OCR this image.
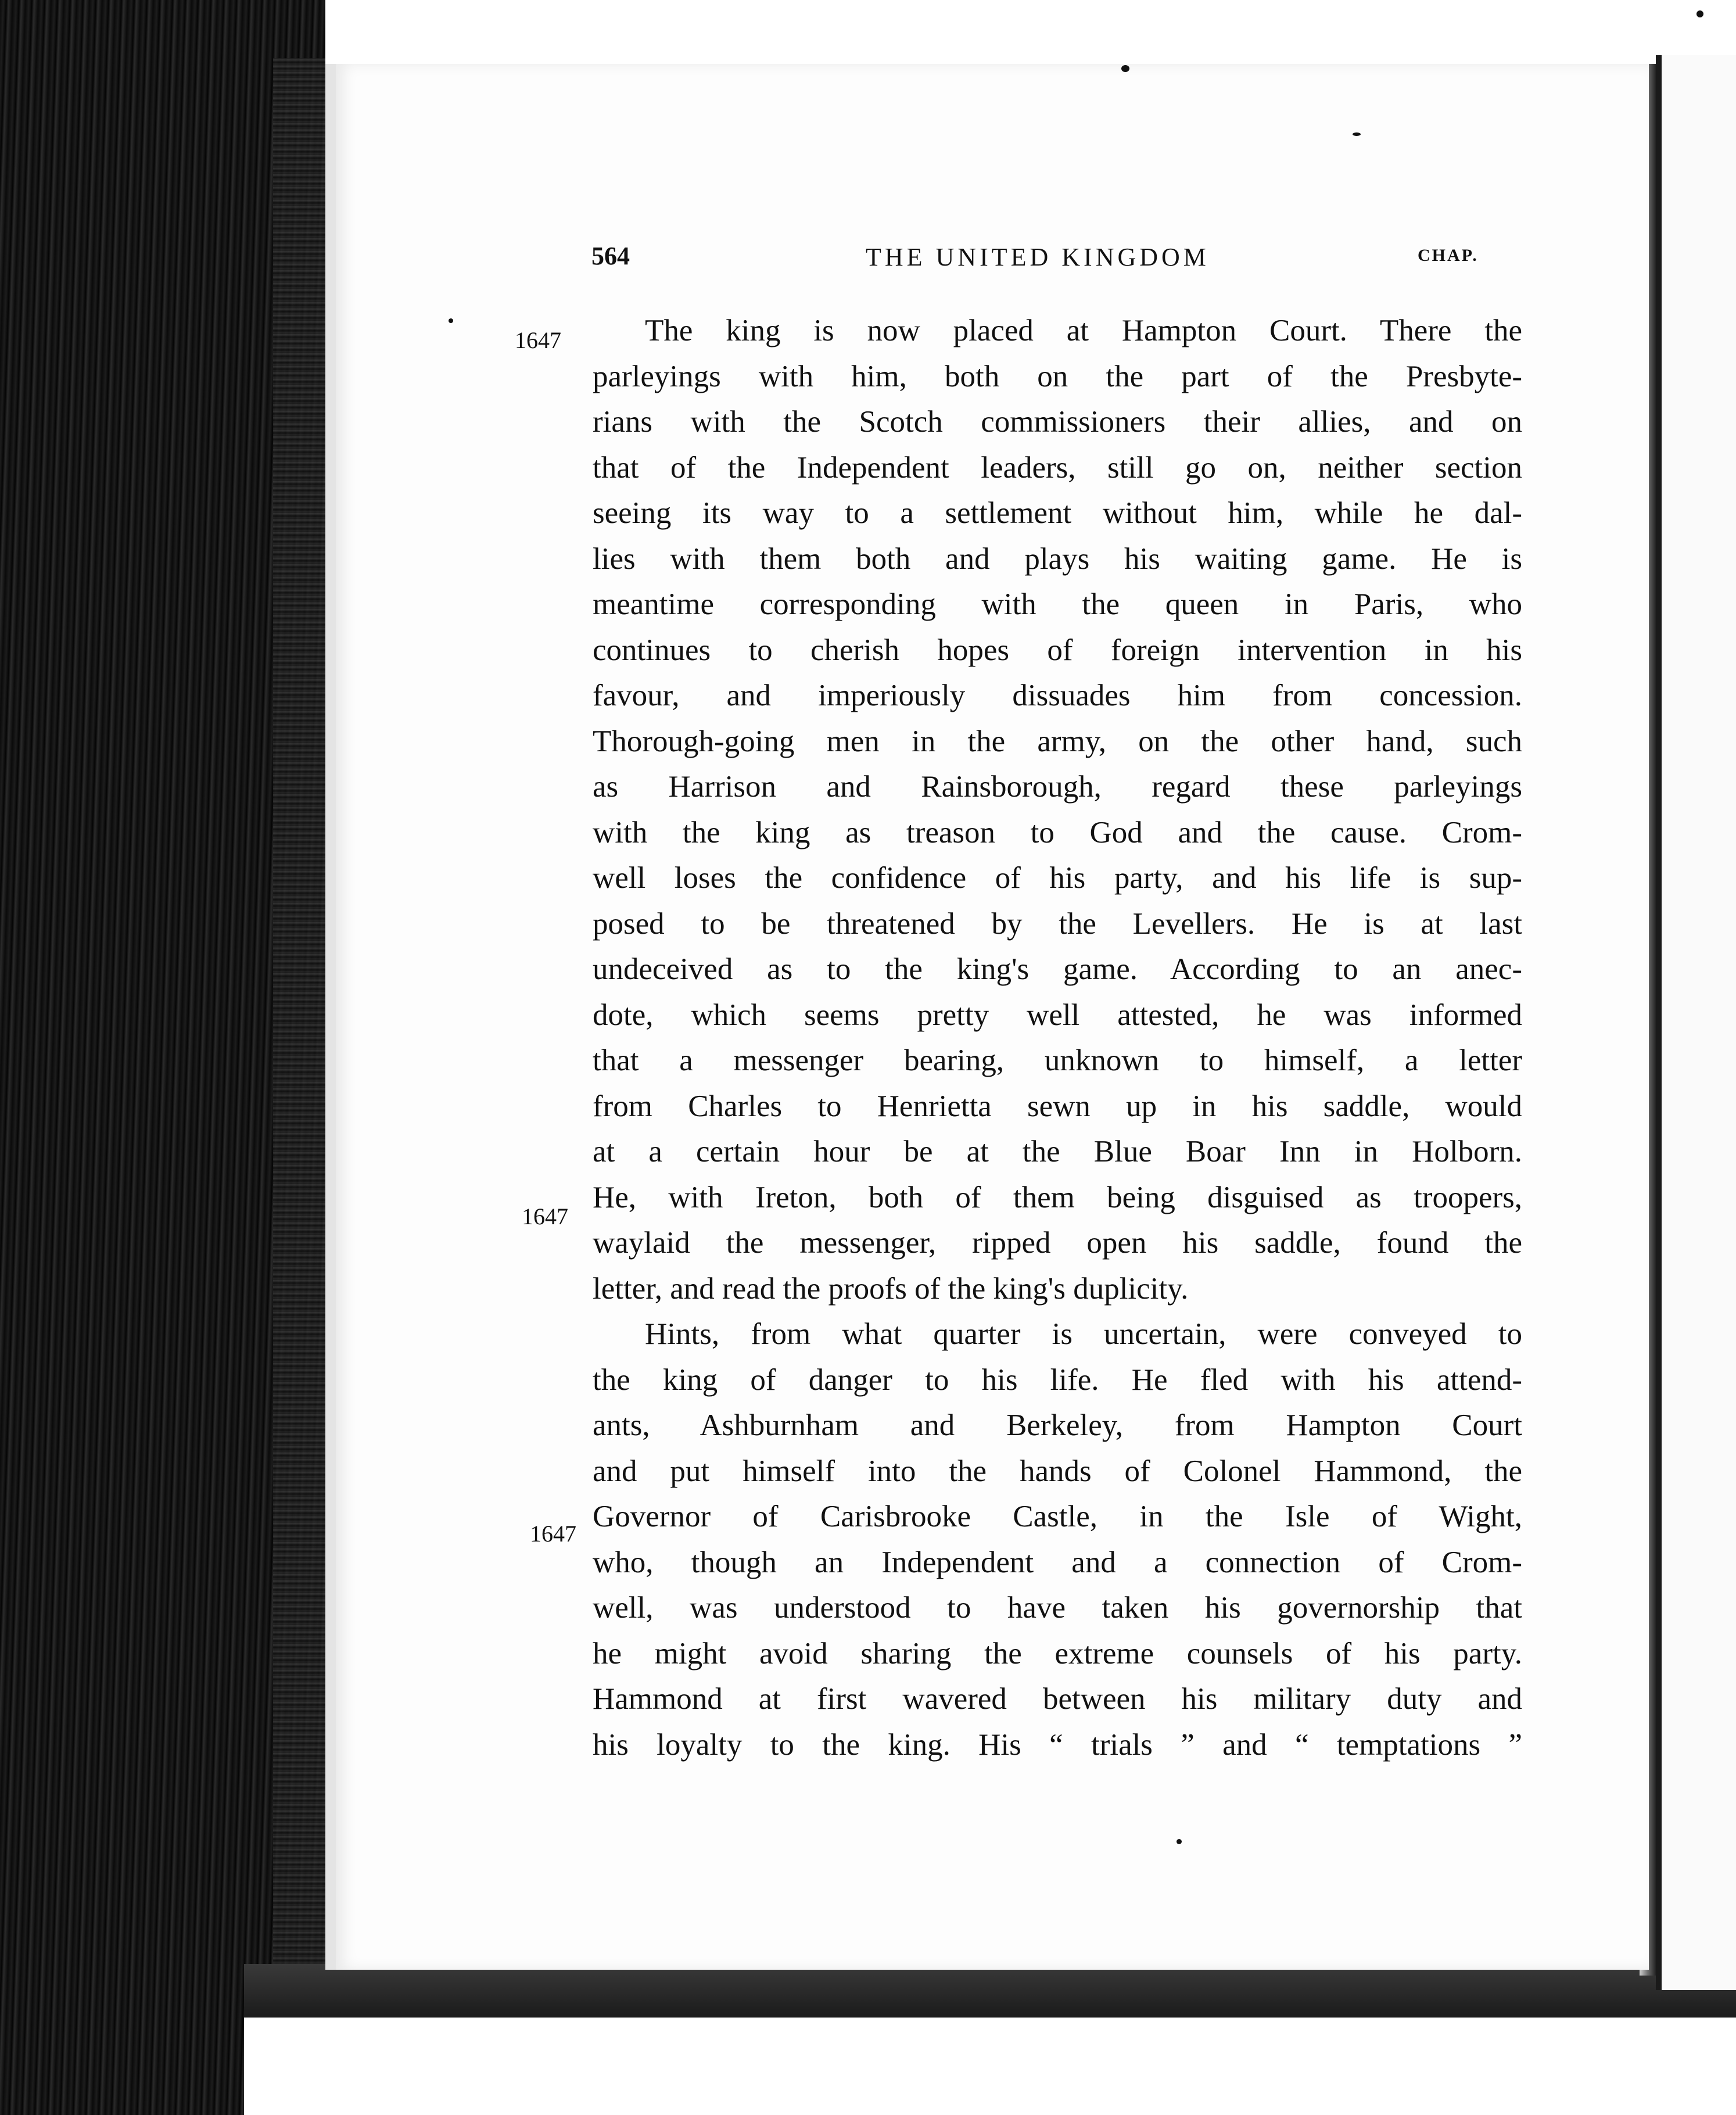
564	THE UNITED KINGDOM	CHAP.
1647
1647
1647

The king is now placed at Hampton Court. There the
parleyings with him, both on the part of the Presbyte-
rians with the Scotch commissioners their allies, and on
that of the Independent leaders, still go on, neither section
seeing its way to a settlement without him, while he dal-
lies with them both and plays his waiting game. He is
meantime corresponding with the queen in Paris, who
continues to cherish hopes of foreign intervention in his
favour, and imperiously dissuades him from concession.
Thorough-going men in the army, on the other hand, such
as Harrison and Rainsborough, regard these parleyings
with the king as treason to God and the cause. Crom-
well loses the confidence of his party, and his life is sup-
posed to be threatened by the Levellers. He is at last
undeceived as to the king's game. According to an anec-
dote, which seems pretty well attested, he was informed
that a messenger bearing, unknown to himself, a letter
from Charles to Henrietta sewn up in his saddle, would
at a certain hour be at the Blue Boar Inn in Holborn.
He, with Ireton, both of them being disguised as troopers,
waylaid the messenger, ripped open his saddle, found the
letter, and read the proofs of the king's duplicity.

Hints, from what quarter is uncertain, were conveyed to
the king of danger to his life. He fled with his attend-
ants, Ashburnham and Berkeley, from Hampton Court
and put himself into the hands of Colonel Hammond, the
Governor of Carisbrooke Castle, in the Isle of Wight,
who, though an Independent and a connection of Crom-
well, was understood to have taken his governorship that
he might avoid sharing the extreme counsels of his party.
Hammond at first wavered between his military duty and
his loyalty to the king. His “ trials ” and “ temptations ”
